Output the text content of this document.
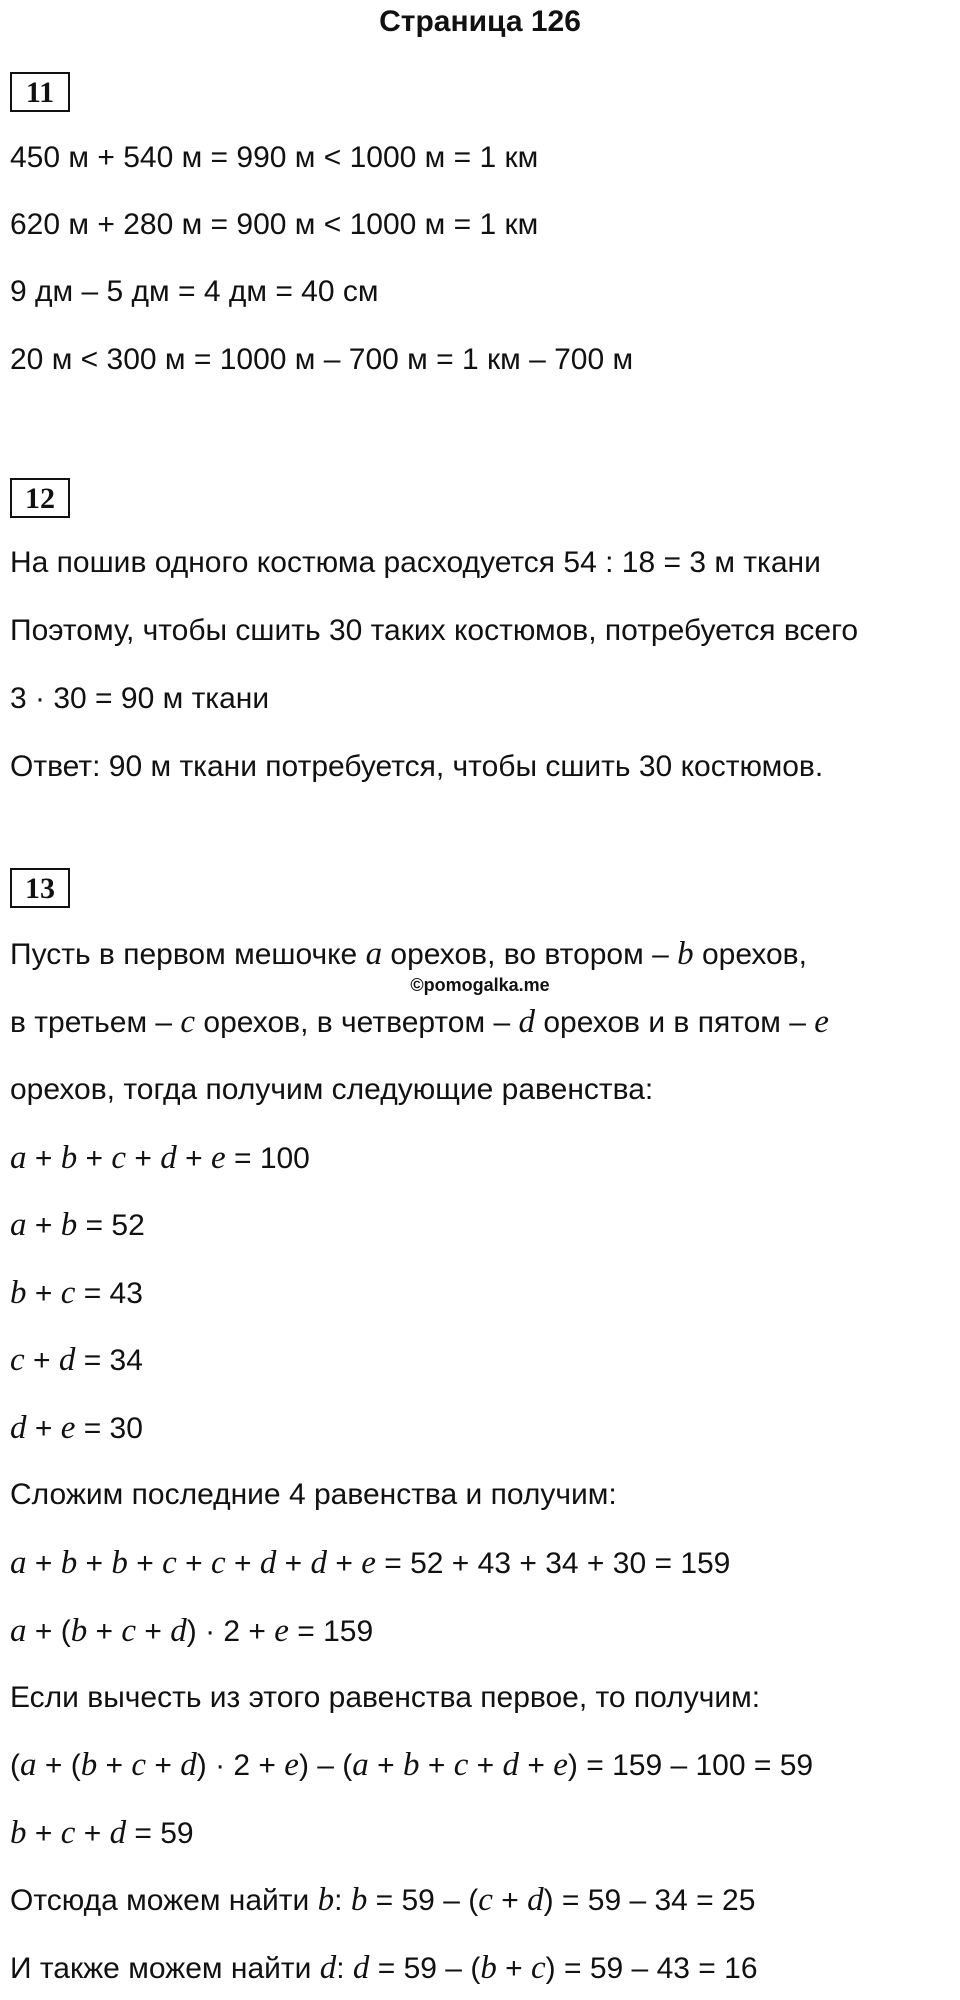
Страница 126
11
450 м + 540 м = 990 м < 1000 м = 1 км
620 м + 280 м = 900 м < 1000 м = 1 км
9 дм – 5 дм = 4 дм = 40 см
20 м < 300 м = 1000 м – 700 м = 1 км – 700 м
12
На пошив одного костюма расходуется 54 : 18 = 3 м ткани
Поэтому, чтобы сшить 30 таких костюмов, потребуется всего
3 · 30 = 90 м ткани
Ответ: 90 м ткани потребуется, чтобы сшить 30 костюмов.
13
Пусть в первом мешочке a орехов, во втором – b орехов,
©pomogalka.me
в третьем – c орехов, в четвертом – d орехов и в пятом – e
орехов, тогда получим следующие равенства:
a + b + c + d + e = 100
a + b = 52
b + c = 43
c + d = 34
d + e = 30
Сложим последние 4 равенства и получим:
a + b + b + c + c + d + d + e = 52 + 43 + 34 + 30 = 159
a + (b + c + d) · 2 + e = 159
Если вычесть из этого равенства первое, то получим:
(a + (b + c + d) · 2 + e) – (a + b + c + d + e) = 159 – 100 = 59
b + c + d = 59
Отсюда можем найти b: b = 59 – (c + d) = 59 – 34 = 25
И также можем найти d: d = 59 – (b + c) = 59 – 43 = 16
